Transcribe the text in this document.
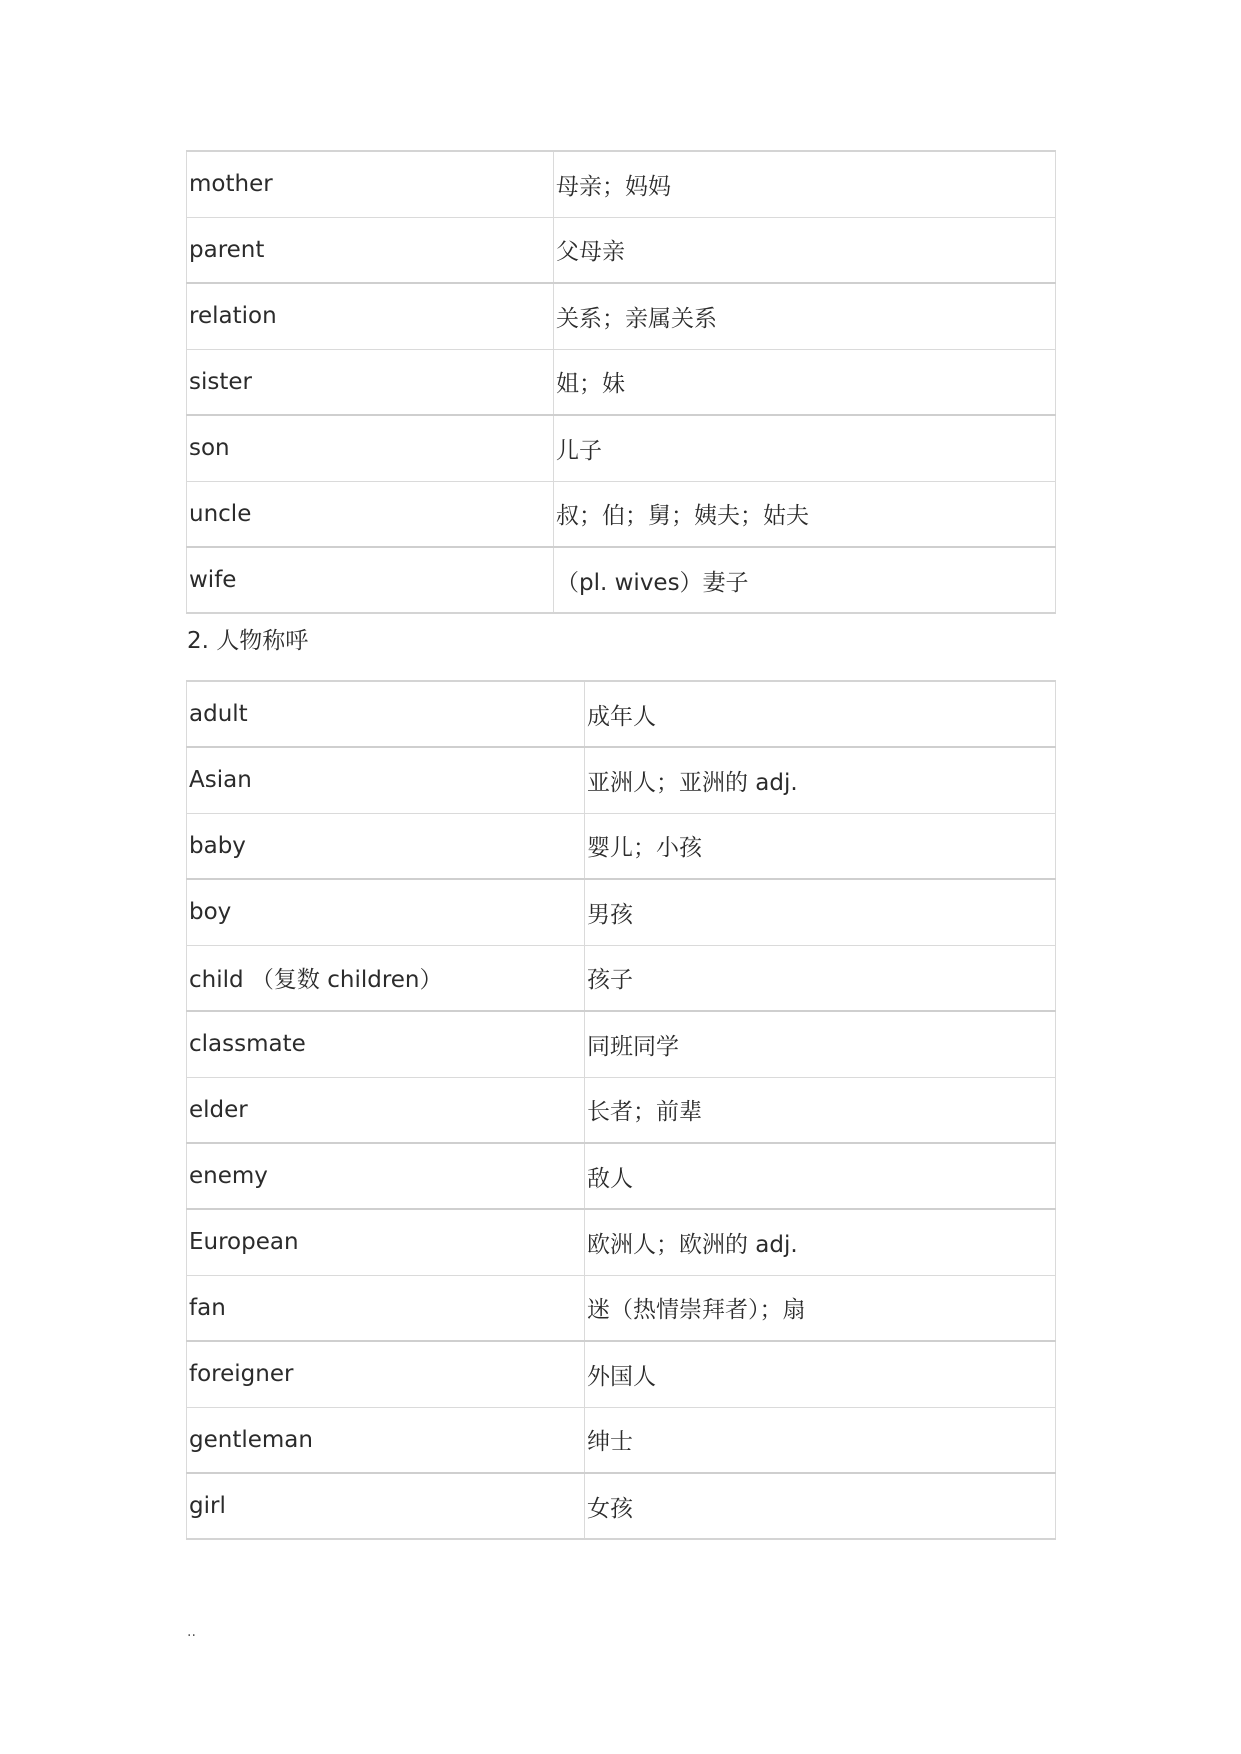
mother	母亲；妈妈
parent	父母亲
relation	关系；亲属关系
sister	姐；妹
son	儿子
uncle	叔；伯；舅；姨夫；姑夫
wife	（pl. wives）妻子
2. 人物称呼
adult	成年人
Asian	亚洲人；亚洲的 adj.
baby	婴儿；小孩
boy	男孩
child （复数 children）	孩子
classmate	同班同学
elder	长者；前辈
enemy	敌人
European	欧洲人；欧洲的 adj.
fan	迷（热情崇拜者）；扇
foreigner	外国人
gentleman	绅士
girl	女孩
..
